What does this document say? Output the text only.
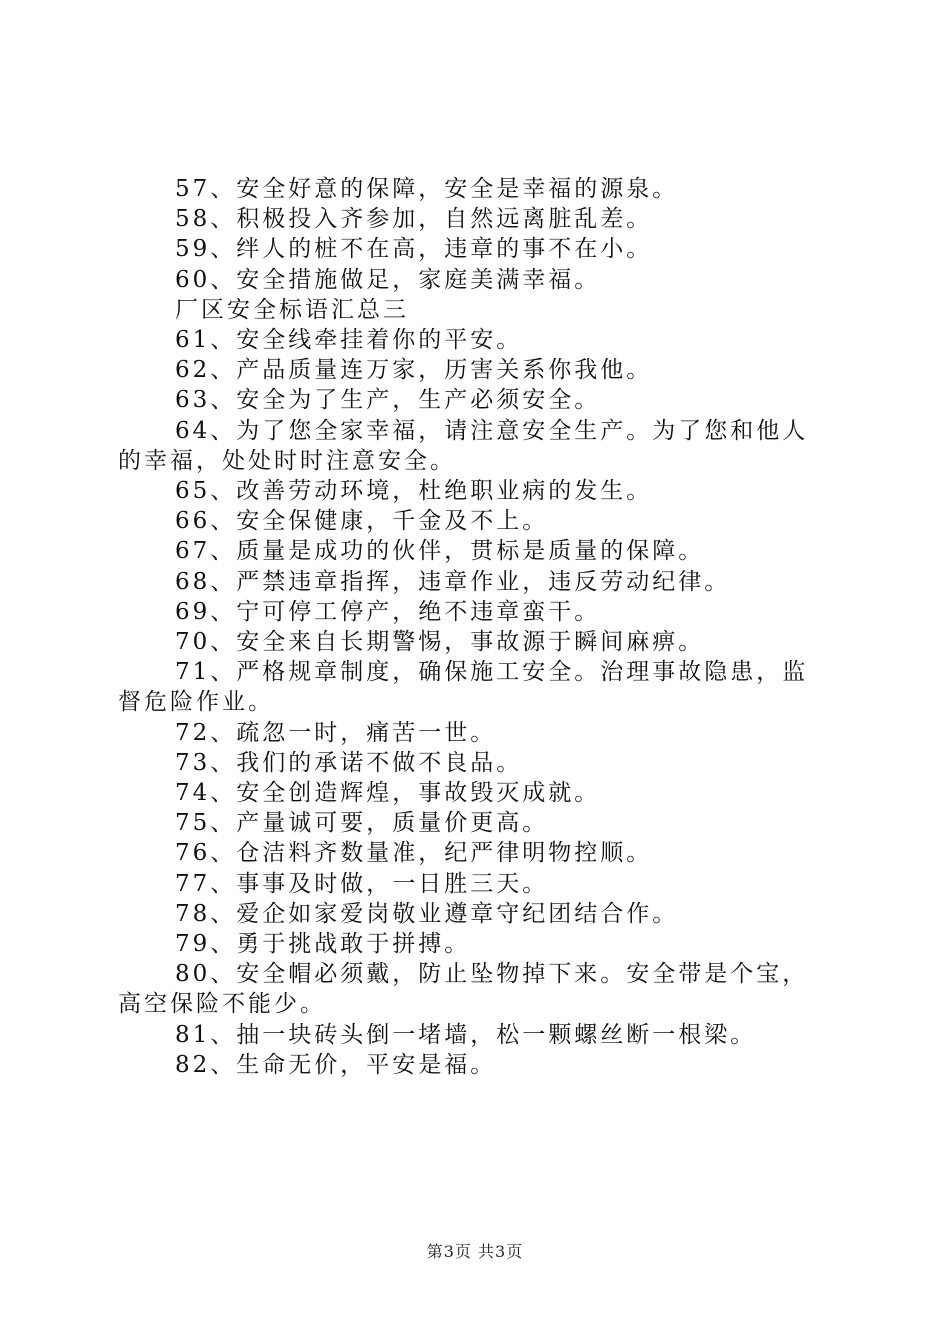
57、安全好意的保障，安全是幸福的源泉。

58、积极投入齐参加，自然远离脏乱差。

59、绊人的桩不在高，违章的事不在小。

60、安全措施做足，家庭美满幸福。

厂区安全标语汇总三

61、安全线牵挂着你的平安。

62、产品质量连万家，历害关系你我他。

63、安全为了生产，生产必须安全。

64、为了您全家幸福，请注意安全生产。为了您和他人的幸福，处处时时注意安全。

65、改善劳动环境，杜绝职业病的发生。

66、安全保健康，千金及不上。

67、质量是成功的伙伴，贯标是质量的保障。

68、严禁违章指挥，违章作业，违反劳动纪律。

69、宁可停工停产，绝不违章蛮干。

70、安全来自长期警惕，事故源于瞬间麻痹。

71、严格规章制度，确保施工安全。治理事故隐患，监督危险作业。

72、疏忽一时，痛苦一世。

73、我们的承诺不做不良品。

74、安全创造辉煌，事故毁灭成就。

75、产量诚可要，质量价更高。

76、仓洁料齐数量准，纪严律明物控顺。

77、事事及时做，一日胜三天。

78、爱企如家爱岗敬业遵章守纪团结合作。

79、勇于挑战敢于拼搏。

80、安全帽必须戴，防止坠物掉下来。安全带是个宝，高空保险不能少。

81、抽一块砖头倒一堵墙，松一颗螺丝断一根梁。

82、生命无价，平安是福。

第3页 共3页
